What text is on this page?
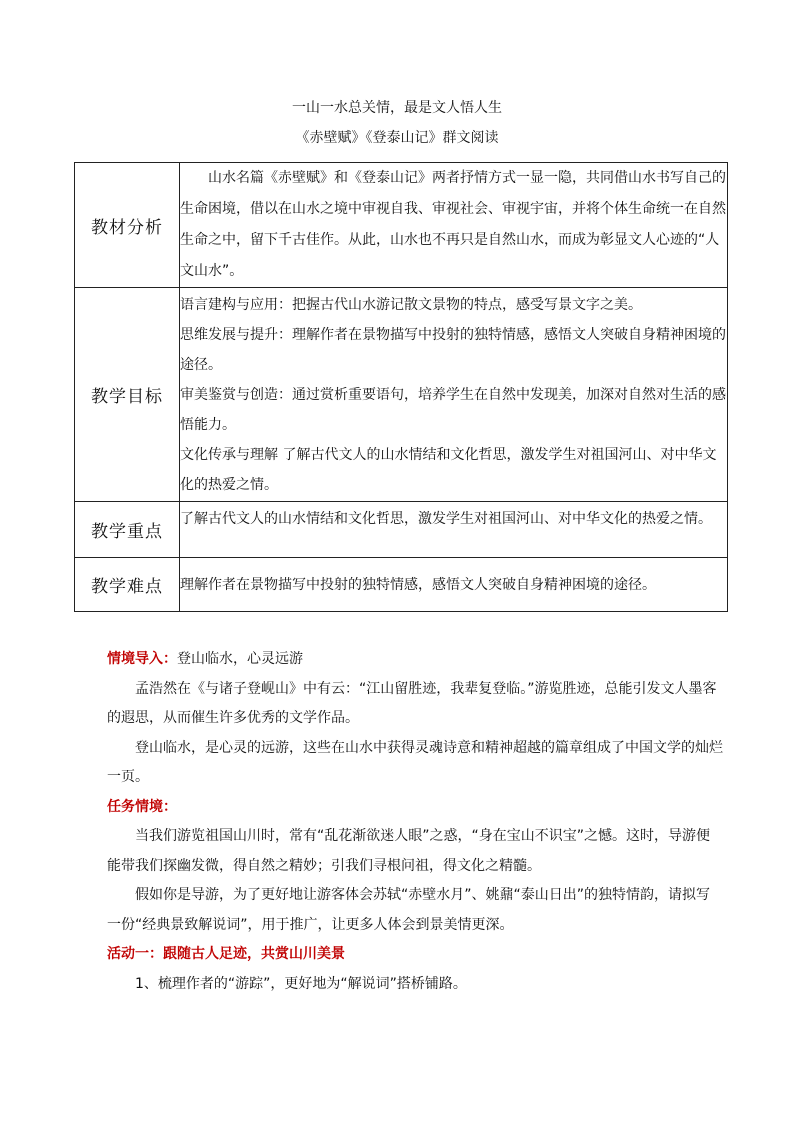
一山一水总关情，最是文人悟人生
《赤壁赋》《登泰山记》群文阅读
教材分析	山水名篇《赤壁赋》和《登泰山记》两者抒情方式一显一隐，共同借山水书写自己的生命困境，借以在山水之境中审视自我、审视社会、审视宇宙，并将个体生命统一在自然生命之中，留下千古佳作。从此，山水也不再只是自然山水，而成为彰显文人心迹的“人文山水”。

教学目标	语言建构与应用：把握古代山水游记散文景物的特点，感受写景文字之美。

思维发展与提升：理解作者在景物描写中投射的独特情感，感悟文人突破自身精神困境的途径。

审美鉴赏与创造：通过赏析重要语句，培养学生在自然中发现美，加深对自然对生活的感悟能力。

文化传承与理解 了解古代文人的山水情结和文化哲思，激发学生对祖国河山、对中华文化的热爱之情。

教学重点	了解古代文人的山水情结和文化哲思，激发学生对祖国河山、对中华文化的热爱之情。

教学难点	理解作者在景物描写中投射的独特情感，感悟文人突破自身精神困境的途径。

情境导入：登山临水，心灵远游

孟浩然在《与诸子登岘山》中有云：“江山留胜迹，我辈复登临。”游览胜迹，总能引发文人墨客的遐思，从而催生许多优秀的文学作品。

登山临水，是心灵的远游，这些在山水中获得灵魂诗意和精神超越的篇章组成了中国文学的灿烂一页。

任务情境：

当我们游览祖国山川时，常有“乱花渐欲迷人眼”之惑，“身在宝山不识宝”之憾。这时，导游便能带我们探幽发微，得自然之精妙；引我们寻根问祖，得文化之精髓。

假如你是导游，为了更好地让游客体会苏轼“赤壁水月”、姚鼐“泰山日出”的独特情韵，请拟写一份“经典景致解说词”，用于推广，让更多人体会到景美情更深。

活动一：跟随古人足迹，共赏山川美景

1、梳理作者的“游踪”，更好地为“解说词”搭桥铺路。
